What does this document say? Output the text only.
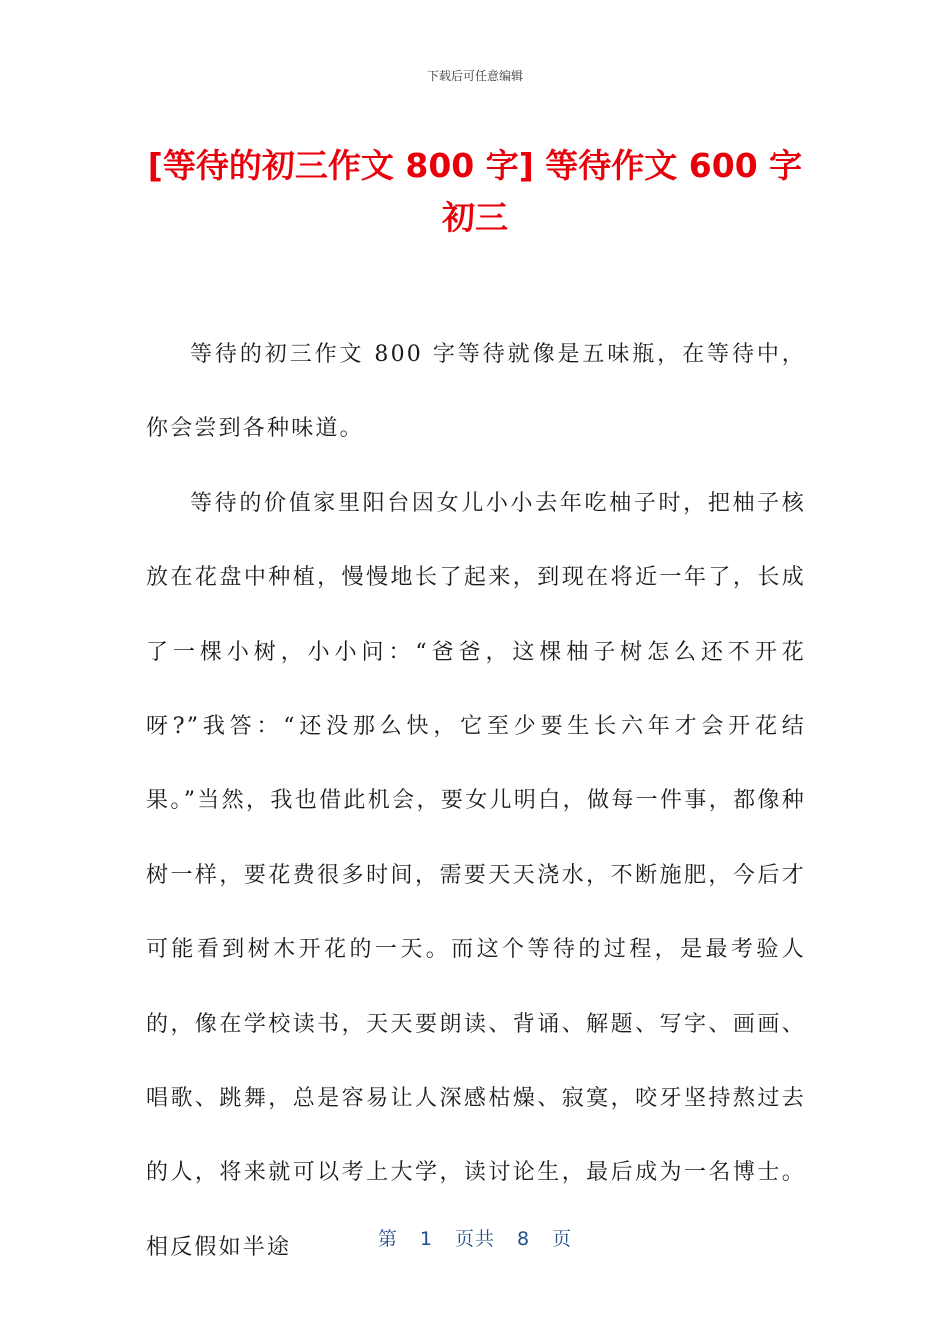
下载后可任意编辑
[等待的初三作文 800 字] 等待作文 600 字初三

等待的初三作文 800 字等待就像是五味瓶，在等待中，你会尝到各种味道。

等待的价值家里阳台因女儿小小去年吃柚子时，把柚子核放在花盘中种植，慢慢地长了起来，到现在将近一年了，长成了一棵小树，小小问：“爸爸，这棵柚子树怎么还不开花呀?”我答：“还没那么快，它至少要生长六年才会开花结果。”当然，我也借此机会，要女儿明白，做每一件事，都像种树一样，要花费很多时间，需要天天浇水，不断施肥，今后才可能看到树木开花的一天。而这个等待的过程，是最考验人的，像在学校读书，天天要朗读、背诵、解题、写字、画画、唱歌、跳舞，总是容易让人深感枯燥、寂寞，咬牙坚持熬过去的人，将来就可以考上大学，读讨论生，最后成为一名博士。相反假如半途	第 1 页共 8 页
